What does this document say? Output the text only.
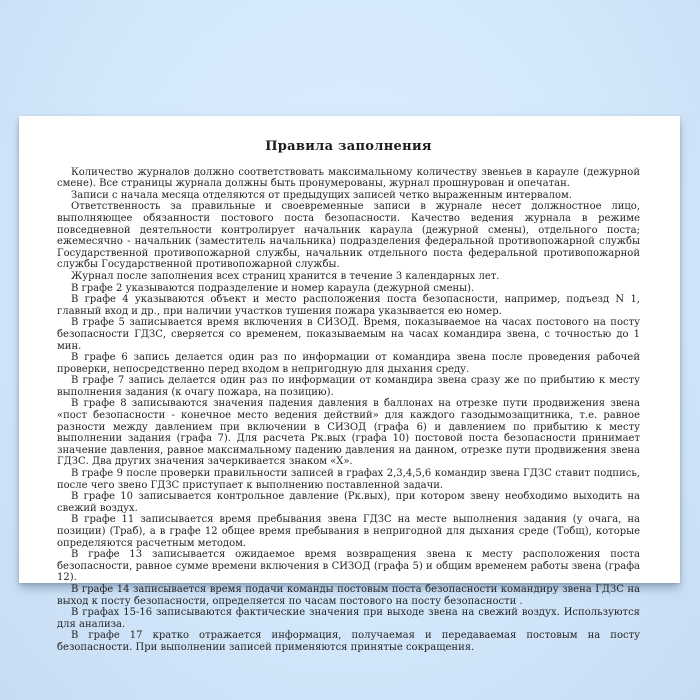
Правила заполнения

Количество журналов должно соответствовать максимальному количеству звеньев в карауле (дежурной смене). Все страницы журнала должны быть пронумерованы, журнал прошнурован и опечатан.

Записи с начала месяца отделяются от предыдущих записей четко выраженным интервалом.

Ответственность за правильные и своевременные записи в журнале несет должностное лицо, выполняющее обязанности постового поста безопасности. Качество ведения журнала в режиме повседневной деятельности контролирует начальник караула (дежурной смены), отдельного поста; ежемесячно - начальник (заместитель начальника) подразделения федеральной противопожарной службы Государственной противопожарной службы, начальник отдельного поста федеральной противопожарной службы Государственной противопожарной службы.

Журнал после заполнения всех страниц хранится в течение 3 календарных лет.

В графе 2 указываются подразделение и номер караула (дежурной смены).

В графе 4 указываются объект и место расположения поста безопасности, например, подъезд N 1, главный вход и др., при наличии участков тушения пожара указывается ею номер.

В графе 5 записывается время включения в СИЗОД. Время, показываемое на часах постового на посту безопасности ГДЗС, сверяется со временем, показываемым на часах командира звена, с точностью до 1 мин.

В графе 6 запись делается один раз по информации от командира звена после проведения рабочей проверки, непосредственно перед входом в непригодную для дыхания среду.

В графе 7 запись делается один раз по информации от командира звена сразу же по прибытию к месту выполнения задания (к очагу пожара, на позицию).

В графе 8 записываются значения падения давления в баллонах на отрезке пути продвижения звена «пост безопасности - конечное место ведения действий» для каждого газодымозащитника, т.е. равное разности между давлением при включении в СИЗОД (графа 6) и давлением по прибытию к месту выполнении задания (графа 7). Для расчета Рк.вых (графа 10) постовой поста безопасности принимает значение давления, равное максимальному падению давления на данном, отрезке пути продвижения звена ГДЗС. Два других значения зачеркивается знаком «Х».

В графе 9 после проверки правильности записей в графах 2,3,4,5,6 командир звена ГДЗС ставит подпись, после чего звено ГДЗС приступает к выполнению поставленной задачи.

В графе 10 записывается контрольное давление (Рк.вых), при котором звену необходимо выходить на свежий воздух.

В графе 11 записывается время пребывания звена ГДЗС на месте выполнения задания (у очага, на позиции) (Траб), а в графе 12 общее время пребывания в непригодной для дыхания среде (Тобщ), которые определяются расчетным методом.

В графе 13 записывается ожидаемое время возвращения звена к месту расположения поста безопасности, равное сумме времени включения в СИЗОД (графа 5) и общим временем работы звена (графа 12).

В графе 14 записывается время подачи команды постовым поста безопасности командиру звена ГДЗС на выход к посту безопасности, определяется по часам постового на посту безопасности .

В графах 15-16 записываются фактические значения при выходе звена на свежий воздух. Используются для анализа.

В графе 17 кратко отражается информация, получаемая и передаваемая постовым на посту безопасности. При выполнении записей применяются принятые сокращения.
